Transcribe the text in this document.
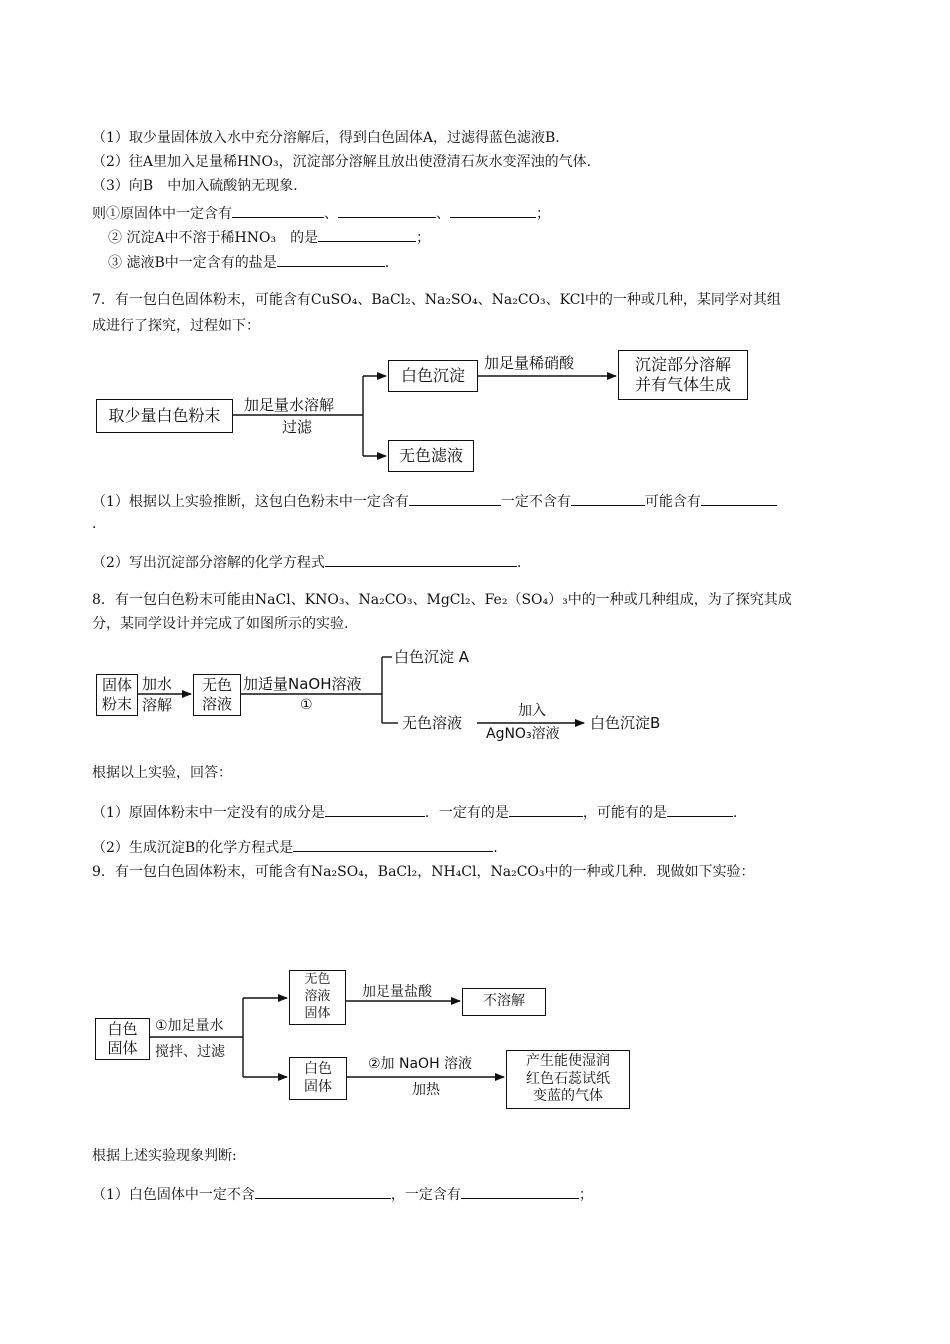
（1）取少量固体放入水中充分溶解后，得到白色固体A，过滤得蓝色滤液B.
（2）往A里加入足量稀HNO₃，沉淀部分溶解且放出使澄清石灰水变浑浊的气体.
（3）向B　中加入硫酸钠无现象.
则①原固体中一定含有	、	、	；
② 沉淀A中不溶于稀HNO₃　的是	；
③ 滤液B中一定含有的盐是	.
7．有一包白色固体粉末，可能含有CuSO₄、BaCl₂、Na₂SO₄、Na₂CO₃、KCl中的一种或几种，某同学对其组
成进行了探究，过程如下：
取少量白色粉末
加足量水溶解
过滤
白色沉淀
加足量稀硝酸	沉淀部分溶解
并有气体生成
无色滤液
（1）根据以上实验推断，这包白色粉末中一定含有	一定不含有	可能含有
.
（2）写出沉淀部分溶解的化学方程式	.
8．有一包白色粉末可能由NaCl、KNO₃、Na₂CO₃、MgCl₂、Fe₂（SO₄）₃中的一种或几种组成，为了探究其成
分，某同学设计并完成了如图所示的实验.
固体
粉末
加水
溶解
无色
溶液
加适量NaOH溶液
①
白色沉淀 A
无色溶液
加入
AgNO₃溶液
白色沉淀B
根据以上实验，回答：
（1）原固体粉末中一定没有的成分是	．一定有的是	，可能有的是	.
（2）生成沉淀B的化学方程式是	.
9．有一包白色固体粉末，可能含有Na₂SO₄，BaCl₂，NH₄Cl，Na₂CO₃中的一种或几种．现做如下实验：
白色
固体
①加足量水
搅拌、过滤
无色
溶液
固体
加足量盐酸
不溶解
白色
固体
②加 NaOH 溶液
加热
产生能使湿润
红色石蕊试纸
变蓝的气体
根据上述实验现象判断:
（1）白色固体中一定不含	，一定含有	；
